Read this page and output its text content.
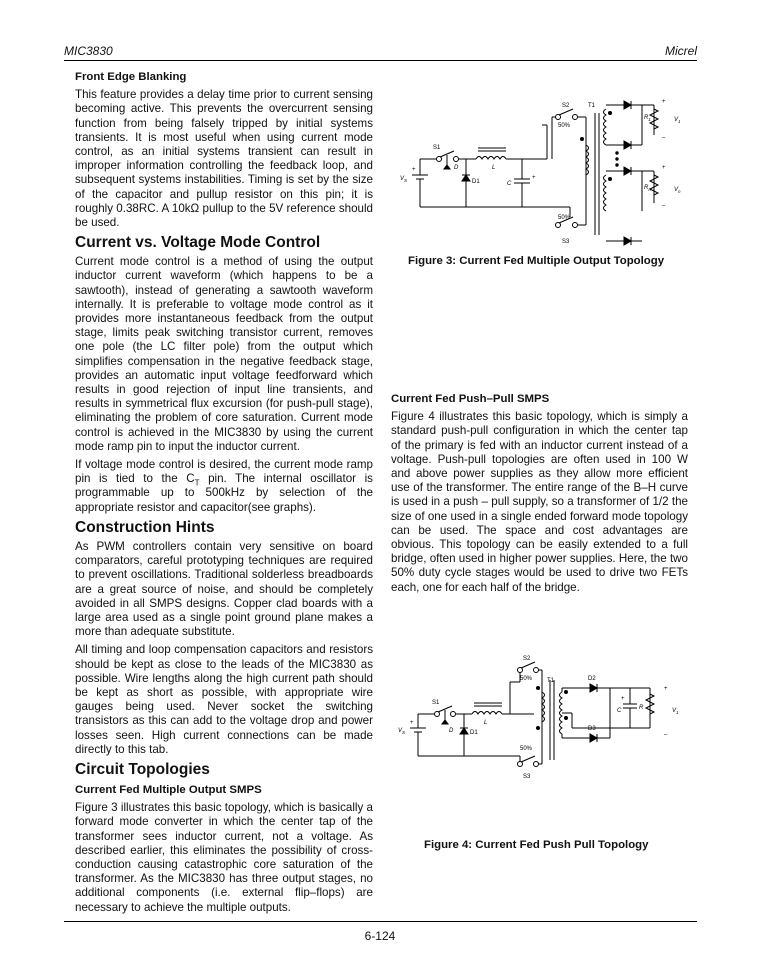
MIC3830	Micrel
Front Edge Blanking
This feature provides a delay time prior to current sensing becoming active. This prevents the overcurrent sensing function from being falsely tripped by initial systems transients. It is most useful when using current mode control, as an initial systems transient can result in improper information controlling the feedback loop, and subsequent systems instabilities. Timing is set by the size of the capacitor and pullup resistor on this pin; it is roughly 0.38RC. A 10kΩ pullup to the 5V reference should be used.
Current vs. Voltage Mode Control
Current mode control is a method of using the output inductor current waveform (which happens to be a sawtooth), instead of generating a sawtooth waveform internally. It is preferable to voltage mode control as it provides more instantaneous feedback from the output stage, limits peak switching transistor current, removes one pole (the LC filter pole) from the output which simplifies compensation in the negative feedback stage, provides an automatic input voltage feedforward which results in good rejection of input line transients, and results in symmetrical flux excursion (for push-pull stage), eliminating the problem of core saturation. Current mode control is achieved in the MIC3830 by using the current mode ramp pin to input the inductor current.
If voltage mode control is desired, the current mode ramp pin is tied to the $C_T$ pin. The internal oscillator is programmable up to 500kHz by selection of the appropriate resistor and capacitor(see graphs).
Construction Hints
As PWM controllers contain very sensitive on board comparators, careful prototyping techniques are required to prevent oscillations. Traditional solderless breadboards are a great source of noise, and should be completely avoided in all SMPS designs. Copper clad boards with a large area used as a single point ground plane makes a more than adequate substitute.
All timing and loop compensation capacitors and resistors should be kept as close to the leads of the MIC3830 as possible. Wire lengths along the high current path should be kept as short as possible, with appropriate wire gauges being used. Never socket the switching transistors as this can add to the voltage drop and power losses seen. High current connections can be made directly to this tab.
Circuit Topologies
Current Fed Multiple Output SMPS
Figure 3 illustrates this basic topology, which is basically a forward mode converter in which the center tap of the transformer sees inductor current, not a voltage. As described earlier, this eliminates the possibility of cross-conduction causing catastrophic core saturation of the transformer. As the MIC3830 has three output stages, no additional components (i.e. external flip–flops) are necessary to achieve the multiple outputs.
S1
S2
S3
T1
D
D1
L
C
$V_S$
50%
50%
$R_1$
$R_n$
$V_1$
$V_n$
+
+
+
–
+
–
Figure 3: Current Fed Multiple Output Topology
Current Fed Push–Pull SMPS
Figure 4 illustrates this basic topology, which is simply a standard push-pull configuration in which the center tap of the primary is fed with an inductor current instead of a voltage. Push-pull topologies are often used in 100 W and above power supplies as they allow more efficient use of the transformer. The entire range of the B–H curve is used in a push – pull supply, so a transformer of 1/2 the size of one used in a single ended forward mode topology can be used. The space and cost advantages are obvious. This topology can be easily extended to a full bridge, often used in higher power supplies. Here, the two 50% duty cycle stages would be used to drive two FETs each, one for each half of the bridge.
S1
S2
S3
T1
D	D1
D2
D3
L
C	R
$V_S$
50%
50%
$V_1$
+
+
+
–
Figure 4: Current Fed Push Pull Topology
6-124
